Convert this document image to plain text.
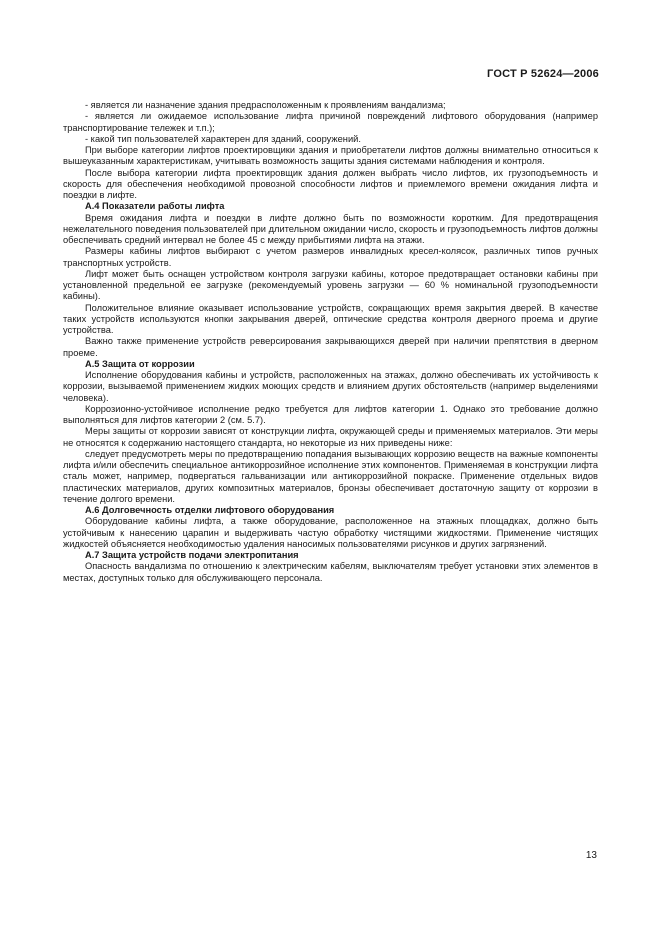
ГОСТ Р 52624—2006

- является ли назначение здания предрасположенным к проявлениям вандализма;

- является ли ожидаемое использование лифта причиной повреждений лифтового оборудования (например транспортирование тележек и т.п.);

- какой тип пользователей характерен для зданий, сооружений.

При выборе категории лифтов проектировщики здания и приобретатели лифтов должны внимательно относиться к вышеуказанным характеристикам, учитывать возможность защиты здания системами наблюдения и контроля.

После выбора категории лифта проектировщик здания должен выбрать число лифтов, их грузоподъемность и скорость для обеспечения необходимой провозной способности лифтов и приемлемого времени ожидания лифта и поездки в лифте.

А.4 Показатели работы лифта

Время ожидания лифта и поездки в лифте должно быть по возможности коротким. Для предотвращения нежелательного поведения пользователей при длительном ожидании число, скорость и грузоподъемность лифтов должны обеспечивать средний интервал не более 45 с между прибытиями лифта на этажи.

Размеры кабины лифтов выбирают с учетом размеров инвалидных кресел-колясок, различных типов ручных транспортных устройств.

Лифт может быть оснащен устройством контроля загрузки кабины, которое предотвращает остановки кабины при установленной предельной ее загрузке (рекомендуемый уровень загрузки — 60 % номинальной грузоподъемности кабины).

Положительное влияние оказывает использование устройств, сокращающих время закрытия дверей. В качестве таких устройств используются кнопки закрывания дверей, оптические средства контроля дверного проема и другие устройства.

Важно также применение устройств реверсирования закрывающихся дверей при наличии препятствия в дверном проеме.

А.5 Защита от коррозии

Исполнение оборудования кабины и устройств, расположенных на этажах, должно обеспечивать их устойчивость к коррозии, вызываемой применением жидких моющих средств и влиянием других обстоятельств (например выделениями человека).

Коррозионно-устойчивое исполнение редко требуется для лифтов категории 1. Однако это требование должно выполняться для лифтов категории 2 (см. 5.7).

Меры защиты от коррозии зависят от конструкции лифта, окружающей среды и применяемых материалов. Эти меры не относятся к содержанию настоящего стандарта, но некоторые из них приведены ниже:

следует предусмотреть меры по предотвращению попадания вызывающих коррозию веществ на важные компоненты лифта и/или обеспечить специальное антикоррозийное исполнение этих компонентов. Применяемая в конструкции лифта сталь может, например, подвергаться гальванизации или антикоррозийной покраске. Применение отдельных видов пластических материалов, других композитных материалов, бронзы обеспечивает достаточную защиту от коррозии в течение долгого времени.

А.6 Долговечность отделки лифтового оборудования

Оборудование кабины лифта, а также оборудование, расположенное на этажных площадках, должно быть устойчивым к нанесению царапин и выдерживать частую обработку чистящими жидкостями. Применение чистящих жидкостей объясняется необходимостью удаления наносимых пользователями рисунков и других загрязнений.

А.7 Защита устройств подачи электропитания

Опасность вандализма по отношению к электрическим кабелям, выключателям требует установки этих элементов в местах, доступных только для обслуживающего персонала.

13
